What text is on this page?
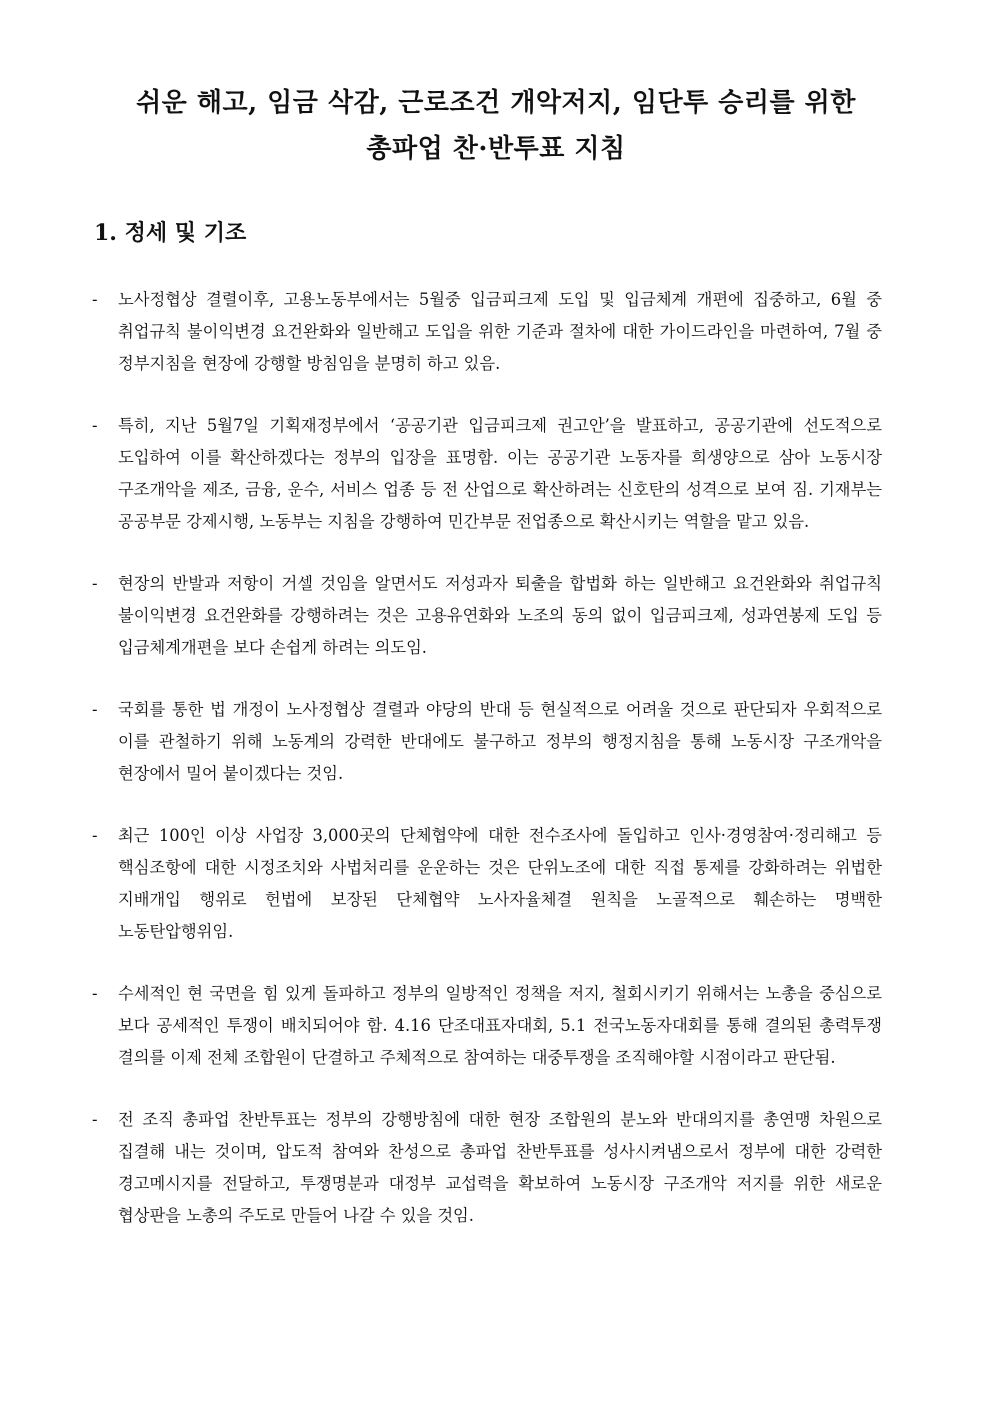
쉬운 해고, 임금 삭감, 근로조건 개악저지, 임단투 승리를 위한
총파업 찬·반투표 지침
1. 정세 및 기조
- 노사정협상 결렬이후, 고용노동부에서는 5월중 입금피크제 도입 및 입금체계 개편에 집중하고, 6월 중 취업규칙 불이익변경 요건완화와 일반해고 도입을 위한 기준과 절차에 대한 가이드라인을 마련하여, 7월 중 정부지침을 현장에 강행할 방침임을 분명히 하고 있음.
- 특히, 지난 5월7일 기획재정부에서 ‘공공기관 입금피크제 권고안’을 발표하고, 공공기관에 선도적으로 도입하여 이를 확산하겠다는 정부의 입장을 표명함. 이는 공공기관 노동자를 희생양으로 삼아 노동시장 구조개악을 제조, 금융, 운수, 서비스 업종 등 전 산업으로 확산하려는 신호탄의 성격으로 보여 짐. 기재부는 공공부문 강제시행, 노동부는 지침을 강행하여 민간부문 전업종으로 확산시키는 역할을 맡고 있음.
- 현장의 반발과 저항이 거셀 것임을 알면서도 저성과자 퇴출을 합법화 하는 일반해고 요건완화와 취업규칙 불이익변경 요건완화를 강행하려는 것은 고용유연화와 노조의 동의 없이 입금피크제, 성과연봉제 도입 등 입금체계개편을 보다 손쉽게 하려는 의도임.
- 국회를 통한 법 개정이 노사정협상 결렬과 야당의 반대 등 현실적으로 어려울 것으로 판단되자 우회적으로 이를 관철하기 위해 노동계의 강력한 반대에도 불구하고 정부의 행정지침을 통해 노동시장 구조개악을 현장에서 밀어 붙이겠다는 것임.
- 최근 100인 이상 사업장 3,000곳의 단체협약에 대한 전수조사에 돌입하고 인사·경영참여·정리해고 등 핵심조항에 대한 시정조치와 사법처리를 운운하는 것은 단위노조에 대한 직접 통제를 강화하려는 위법한 지배개입 행위로 헌법에 보장된 단체협약 노사자율체결 원칙을 노골적으로 훼손하는 명백한 노동탄압행위임.
- 수세적인 현 국면을 힘 있게 돌파하고 정부의 일방적인 정책을 저지, 철회시키기 위해서는 노총을 중심으로 보다 공세적인 투쟁이 배치되어야 함. 4.16 단조대표자대회, 5.1 전국노동자대회를 통해 결의된 총력투쟁 결의를 이제 전체 조합원이 단결하고 주체적으로 참여하는 대중투쟁을 조직해야할 시점이라고 판단됨.
- 전 조직 총파업 찬반투표는 정부의 강행방침에 대한 현장 조합원의 분노와 반대의지를 총연맹 차원으로 집결해 내는 것이며, 압도적 참여와 찬성으로 총파업 찬반투표를 성사시켜냄으로서 정부에 대한 강력한 경고메시지를 전달하고, 투쟁명분과 대정부 교섭력을 확보하여 노동시장 구조개악 저지를 위한 새로운 협상판을 노총의 주도로 만들어 나갈 수 있을 것임.
